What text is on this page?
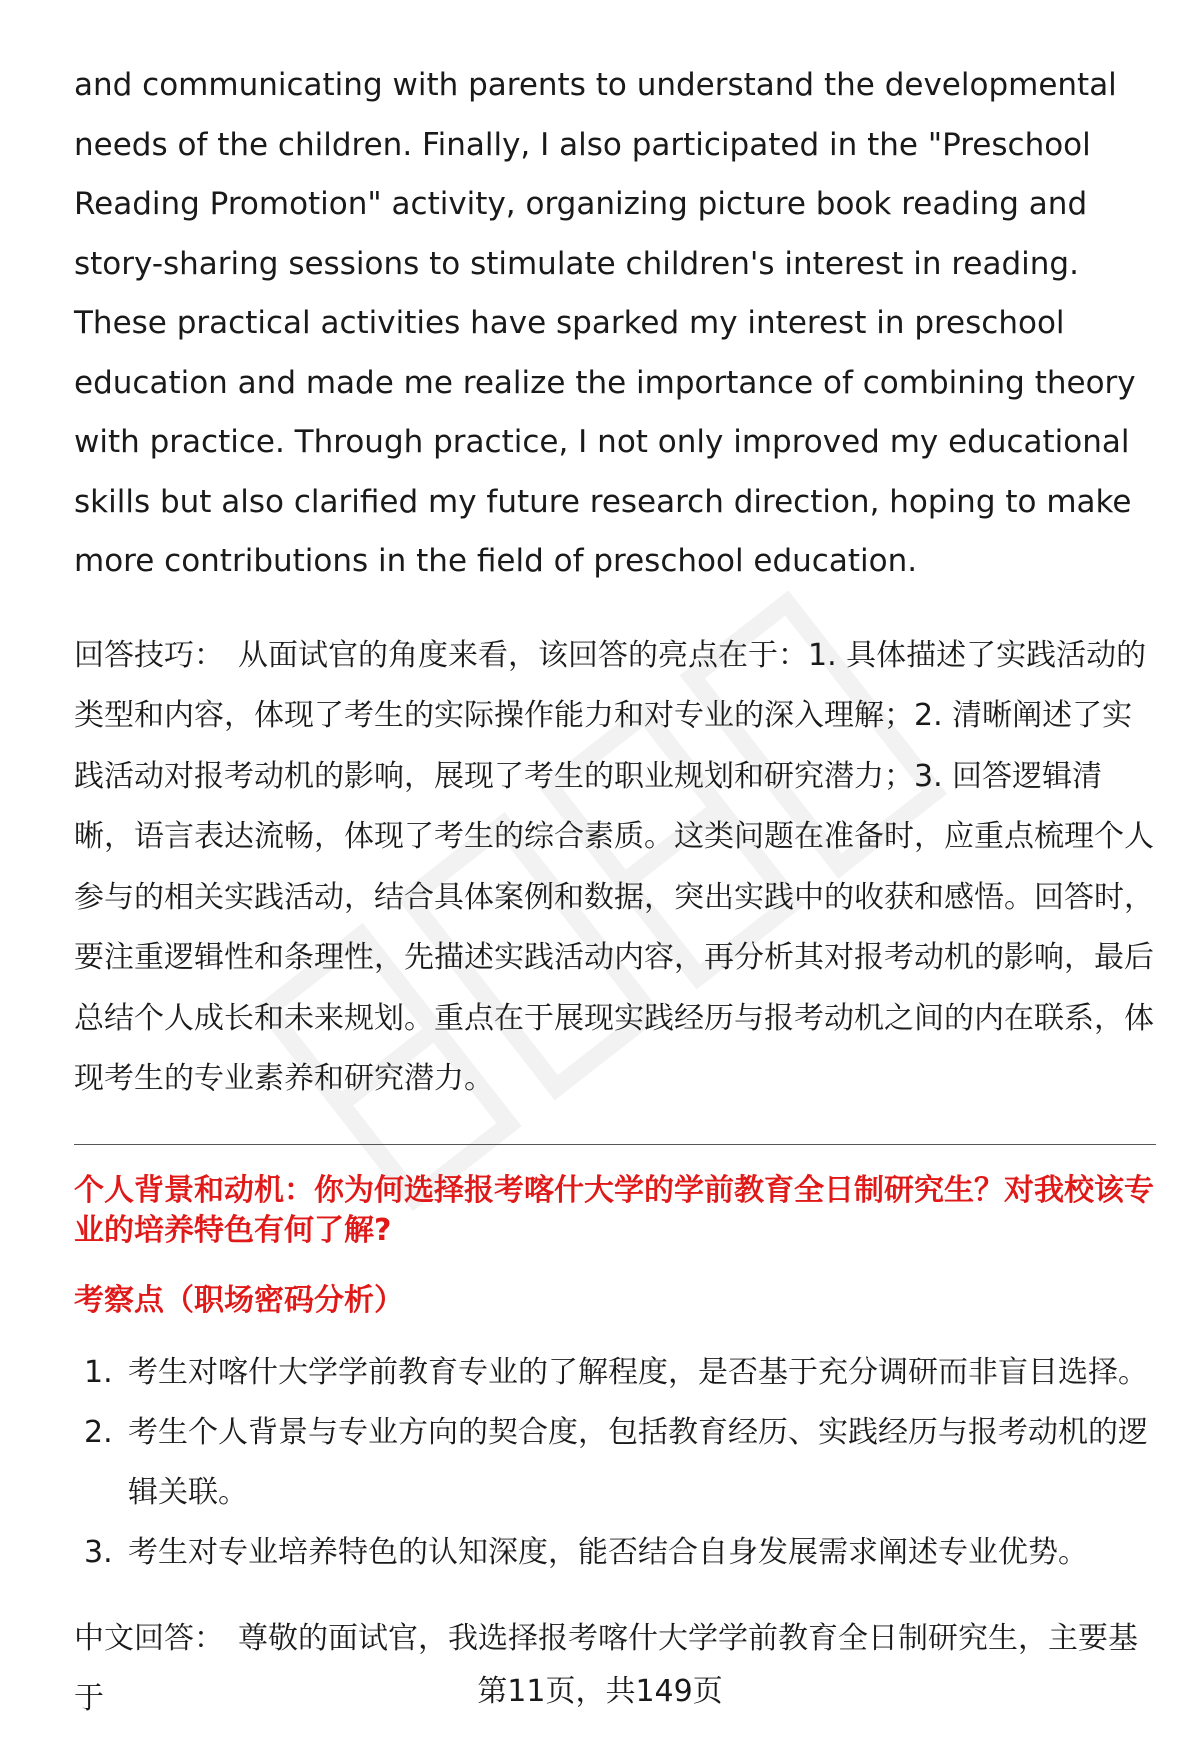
and communicating with parents to understand the developmental needs of the children. Finally, I also participated in the "Preschool Reading Promotion" activity, organizing picture book reading and story-sharing sessions to stimulate children's interest in reading. These practical activities have sparked my interest in preschool education and made me realize the importance of combining theory with practice. Through practice, I not only improved my educational skills but also clarified my future research direction, hoping to make more contributions in the field of preschool education.

回答技巧： 从面试官的角度来看，该回答的亮点在于：1. 具体描述了实践活动的类型和内容，体现了考生的实际操作能力和对专业的深入理解；2. 清晰阐述了实践活动对报考动机的影响，展现了考生的职业规划和研究潜力；3. 回答逻辑清晰，语言表达流畅，体现了考生的综合素质。这类问题在准备时，应重点梳理个人参与的相关实践活动，结合具体案例和数据，突出实践中的收获和感悟。回答时，要注重逻辑性和条理性，先描述实践活动内容，再分析其对报考动机的影响，最后总结个人成长和未来规划。重点在于展现实践经历与报考动机之间的内在联系，体现考生的专业素养和研究潜力。

个人背景和动机：你为何选择报考喀什大学的学前教育全日制研究生？对我校该专业的培养特色有何了解?

考察点（职场密码分析）

1. 考生对喀什大学学前教育专业的了解程度，是否基于充分调研而非盲目选择。
2. 考生个人背景与专业方向的契合度，包括教育经历、实践经历与报考动机的逻辑关联。
3. 考生对专业培养特色的认知深度，能否结合自身发展需求阐述专业优势。

中文回答： 尊敬的面试官，我选择报考喀什大学学前教育全日制研究生，主要基于	第11页，共149页
